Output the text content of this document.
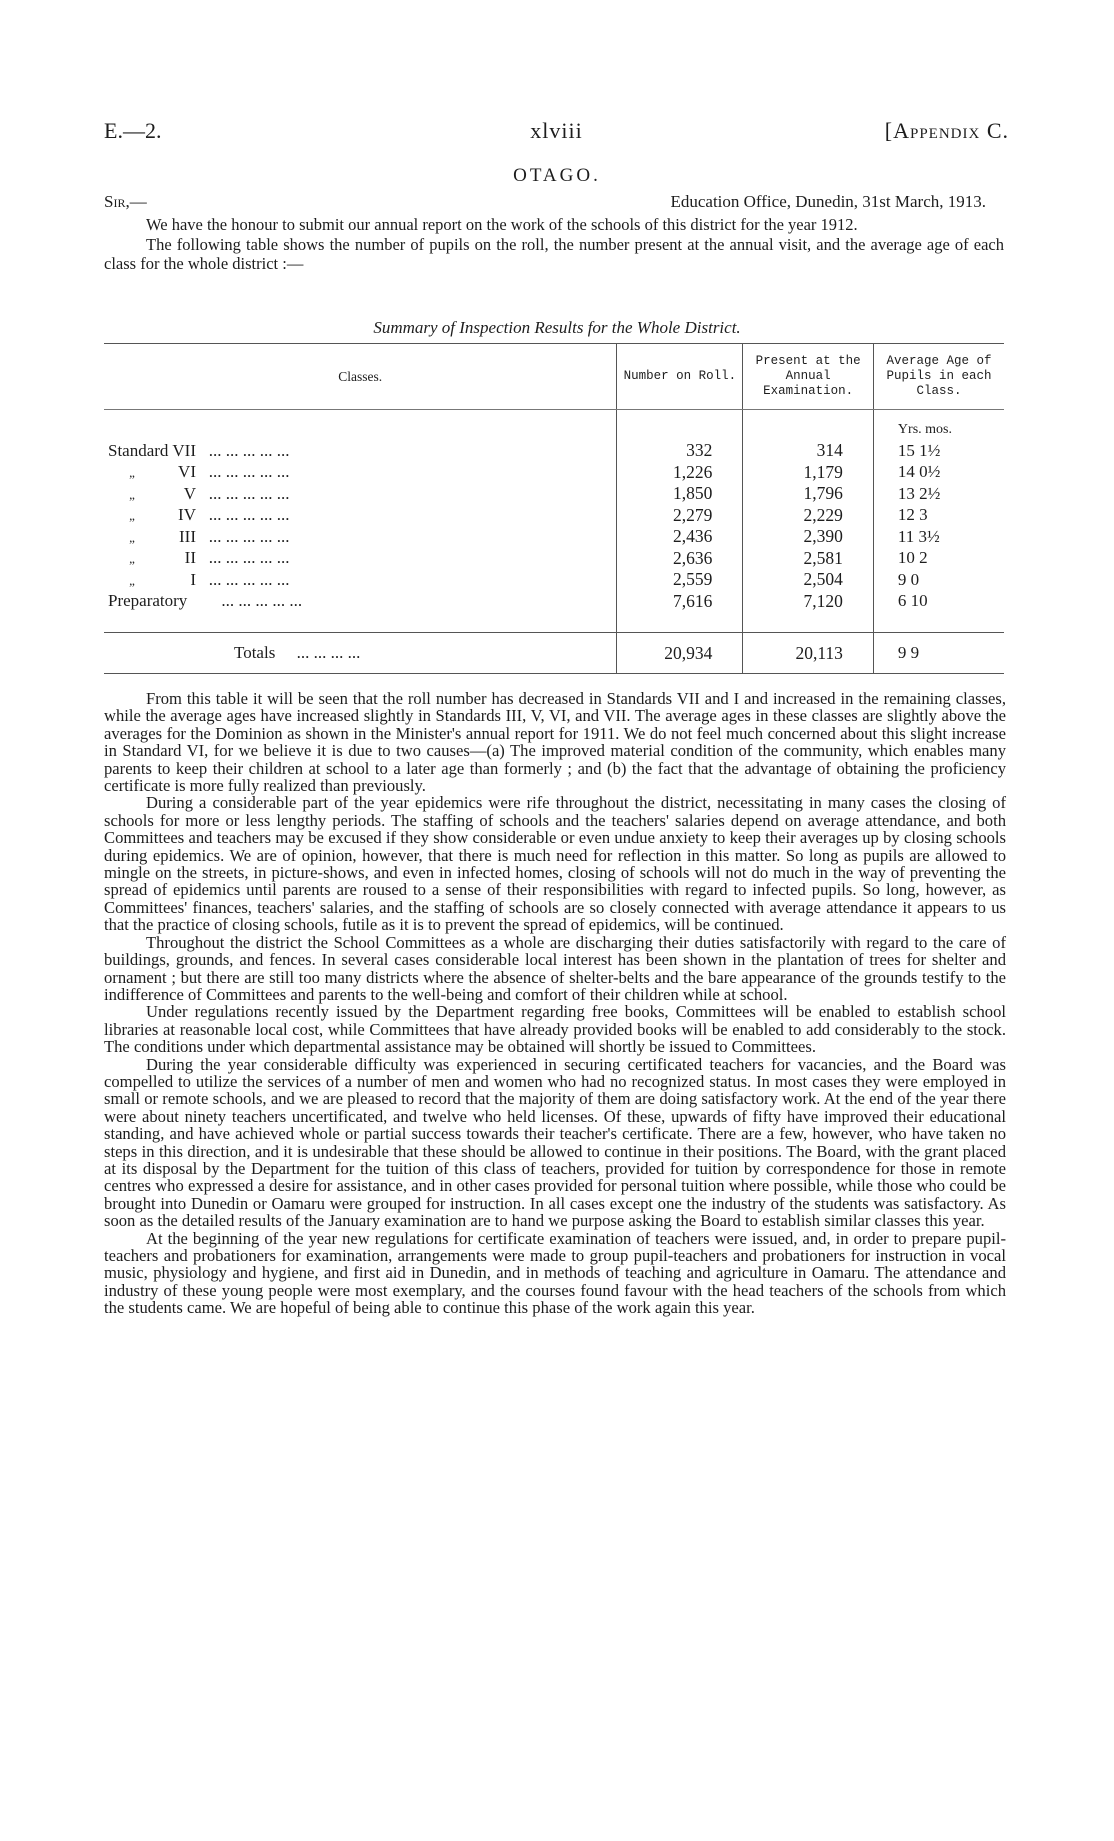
E.—2.	xlviii	[Appendix C.
OTAGO.
Sir,—	Education Office, Dunedin, 31st March, 1913.

We have the honour to submit our annual report on the work of the schools of this district for the year 1912.

The following table shows the number of pupils on the roll, the number present at the annual visit, and the average age of each class for the whole district :—

Summary of Inspection Results for the Whole District.
Classes.	Number on Roll.	Present at the Annual Examination.	Average Age of Pupils in each Class.
			Yrs. mos.
Standard VII ... ... ... ... ...	332	314	15 1½
„ VI ... ... ... ... ...	1,226	1,179	14 0½
„ V ... ... ... ... ...	1,850	1,796	13 2½
„ IV ... ... ... ... ...	2,279	2,229	12 3
„ III ... ... ... ... ...	2,436	2,390	11 3½
„ II ... ... ... ... ...	2,636	2,581	10 2
„ I ... ... ... ... ...	2,559	2,504	9 0
Preparatory ... ... ... ... ...	7,616	7,120	6 10

Totals ... ... ... ...	20,934	20,113	9 9

From this table it will be seen that the roll number has decreased in Standards VII and I and increased in the remaining classes, while the average ages have increased slightly in Standards III, V, VI, and VII. The average ages in these classes are slightly above the averages for the Dominion as shown in the Minister's annual report for 1911. We do not feel much concerned about this slight increase in Standard VI, for we believe it is due to two causes—(a) The improved material condition of the community, which enables many parents to keep their children at school to a later age than formerly ; and (b) the fact that the advantage of obtaining the proficiency certificate is more fully realized than previously.

During a considerable part of the year epidemics were rife throughout the district, necessitating in many cases the closing of schools for more or less lengthy periods. The staffing of schools and the teachers' salaries depend on average attendance, and both Committees and teachers may be excused if they show considerable or even undue anxiety to keep their averages up by closing schools during epidemics. We are of opinion, however, that there is much need for reflection in this matter. So long as pupils are allowed to mingle on the streets, in picture-shows, and even in infected homes, closing of schools will not do much in the way of preventing the spread of epidemics until parents are roused to a sense of their responsibilities with regard to infected pupils. So long, however, as Committees' finances, teachers' salaries, and the staffing of schools are so closely connected with average attendance it appears to us that the practice of closing schools, futile as it is to prevent the spread of epidemics, will be continued.

Throughout the district the School Committees as a whole are discharging their duties satisfactorily with regard to the care of buildings, grounds, and fences. In several cases considerable local interest has been shown in the plantation of trees for shelter and ornament ; but there are still too many districts where the absence of shelter-belts and the bare appearance of the grounds testify to the indifference of Committees and parents to the well-being and comfort of their children while at school.

Under regulations recently issued by the Department regarding free books, Committees will be enabled to establish school libraries at reasonable local cost, while Committees that have already provided books will be enabled to add considerably to the stock. The conditions under which departmental assistance may be obtained will shortly be issued to Committees.

During the year considerable difficulty was experienced in securing certificated teachers for vacancies, and the Board was compelled to utilize the services of a number of men and women who had no recognized status. In most cases they were employed in small or remote schools, and we are pleased to record that the majority of them are doing satisfactory work. At the end of the year there were about ninety teachers uncertificated, and twelve who held licenses. Of these, upwards of fifty have improved their educational standing, and have achieved whole or partial success towards their teacher's certificate. There are a few, however, who have taken no steps in this direction, and it is undesirable that these should be allowed to continue in their positions. The Board, with the grant placed at its disposal by the Department for the tuition of this class of teachers, provided for tuition by correspondence for those in remote centres who expressed a desire for assistance, and in other cases provided for personal tuition where possible, while those who could be brought into Dunedin or Oamaru were grouped for instruction. In all cases except one the industry of the students was satisfactory. As soon as the detailed results of the January examination are to hand we purpose asking the Board to establish similar classes this year.

At the beginning of the year new regulations for certificate examination of teachers were issued, and, in order to prepare pupil-teachers and probationers for examination, arrangements were made to group pupil-teachers and probationers for instruction in vocal music, physiology and hygiene, and first aid in Dunedin, and in methods of teaching and agriculture in Oamaru. The attendance and industry of these young people were most exemplary, and the courses found favour with the head teachers of the schools from which the students came. We are hopeful of being able to continue this phase of the work again this year.
